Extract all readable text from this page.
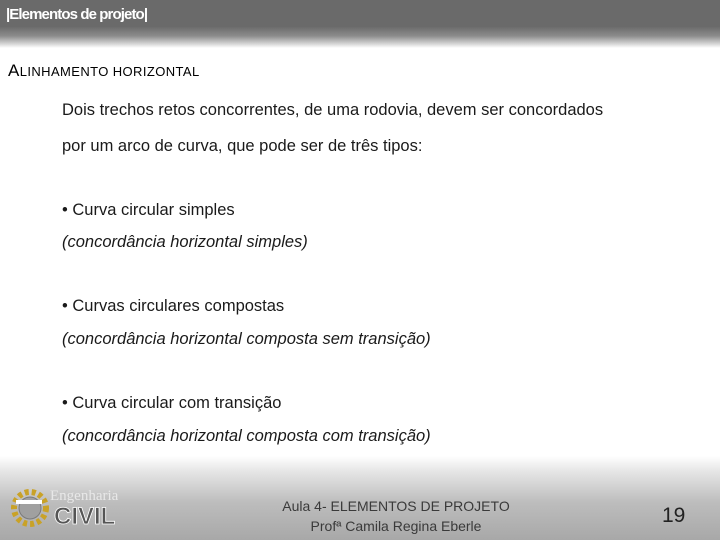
|Elementos de projeto|
ALINHAMENTO HORIZONTAL
Dois trechos retos concorrentes, de uma rodovia, devem ser concordados
por um arco de curva, que pode ser de três tipos:
• Curva circular simples
(concordância horizontal simples)
• Curvas circulares compostas
(concordância horizontal composta sem transição)
• Curva circular com transição
(concordância horizontal composta com transição)
Engenharia
CIVIL	Aula 4- ELEMENTOS DE PROJETO
Profª Camila Regina Eberle	19
